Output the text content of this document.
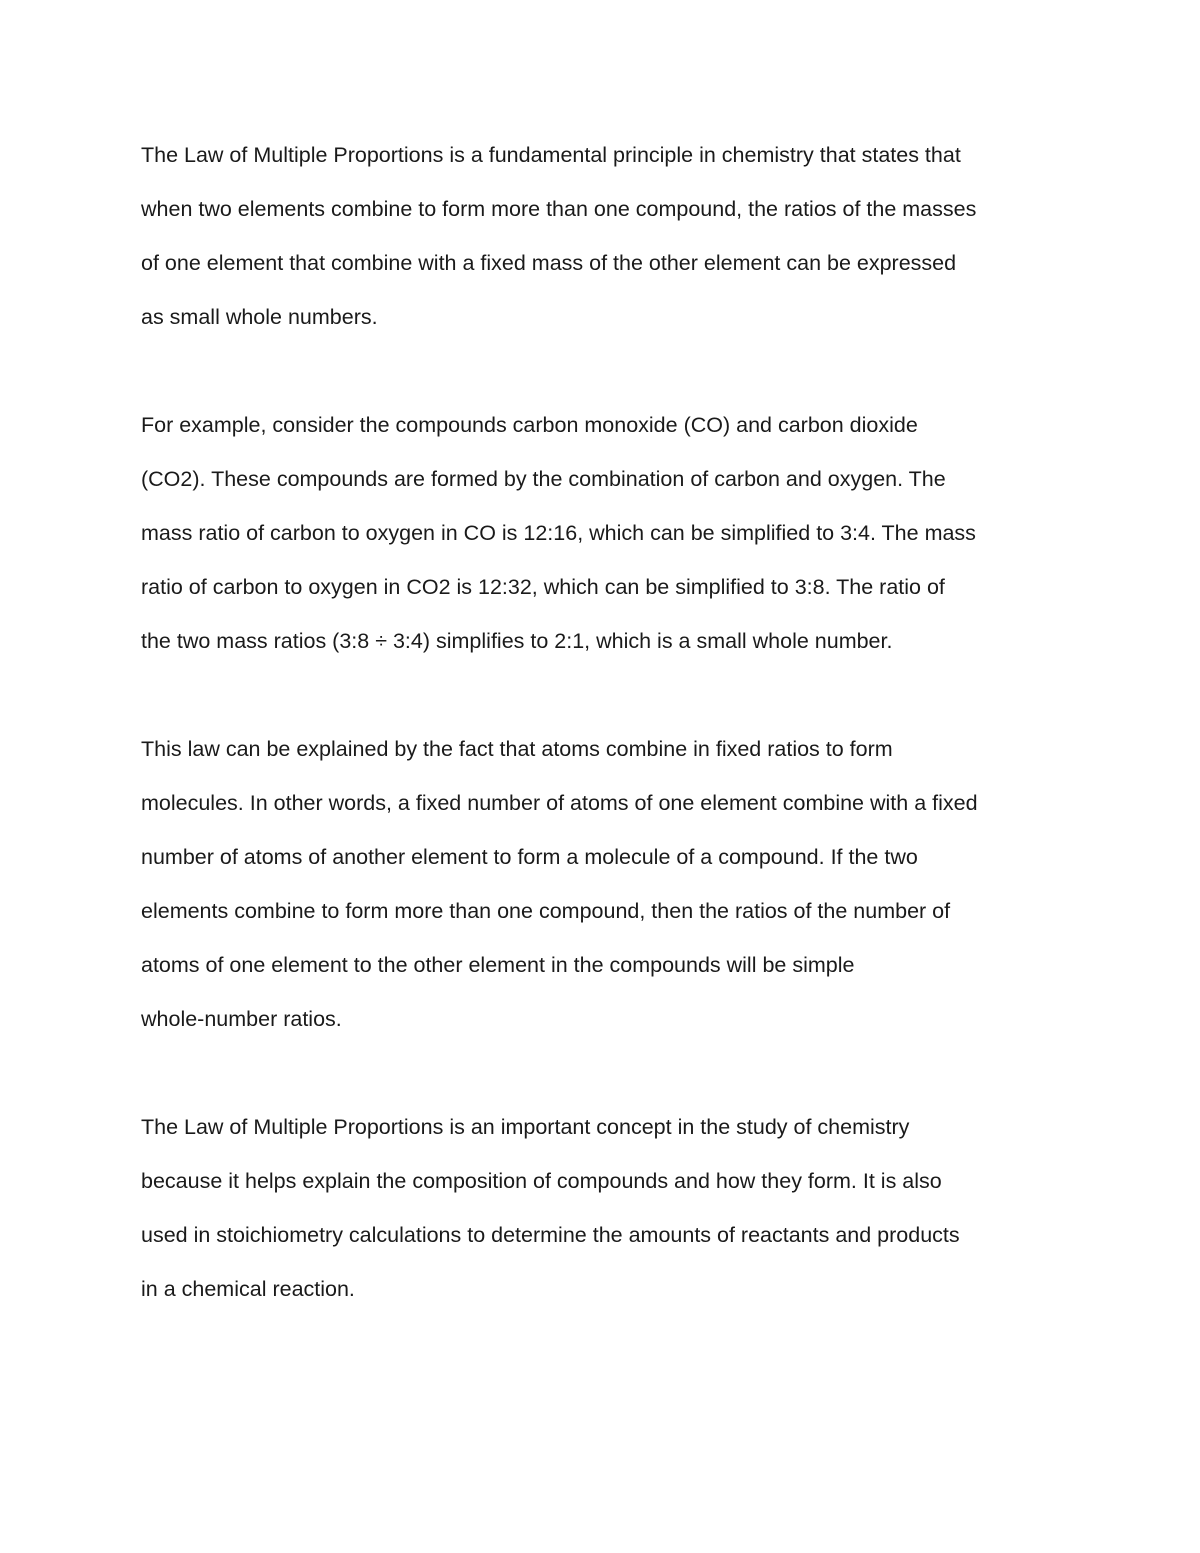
The Law of Multiple Proportions is a fundamental principle in chemistry that states that
when two elements combine to form more than one compound, the ratios of the masses
of one element that combine with a fixed mass of the other element can be expressed
as small whole numbers.

For example, consider the compounds carbon monoxide (CO) and carbon dioxide
(CO2). These compounds are formed by the combination of carbon and oxygen. The
mass ratio of carbon to oxygen in CO is 12:16, which can be simplified to 3:4. The mass
ratio of carbon to oxygen in CO2 is 12:32, which can be simplified to 3:8. The ratio of
the two mass ratios (3:8 ÷ 3:4) simplifies to 2:1, which is a small whole number.

This law can be explained by the fact that atoms combine in fixed ratios to form
molecules. In other words, a fixed number of atoms of one element combine with a fixed
number of atoms of another element to form a molecule of a compound. If the two
elements combine to form more than one compound, then the ratios of the number of
atoms of one element to the other element in the compounds will be simple
whole-number ratios.

The Law of Multiple Proportions is an important concept in the study of chemistry
because it helps explain the composition of compounds and how they form. It is also
used in stoichiometry calculations to determine the amounts of reactants and products
in a chemical reaction.
